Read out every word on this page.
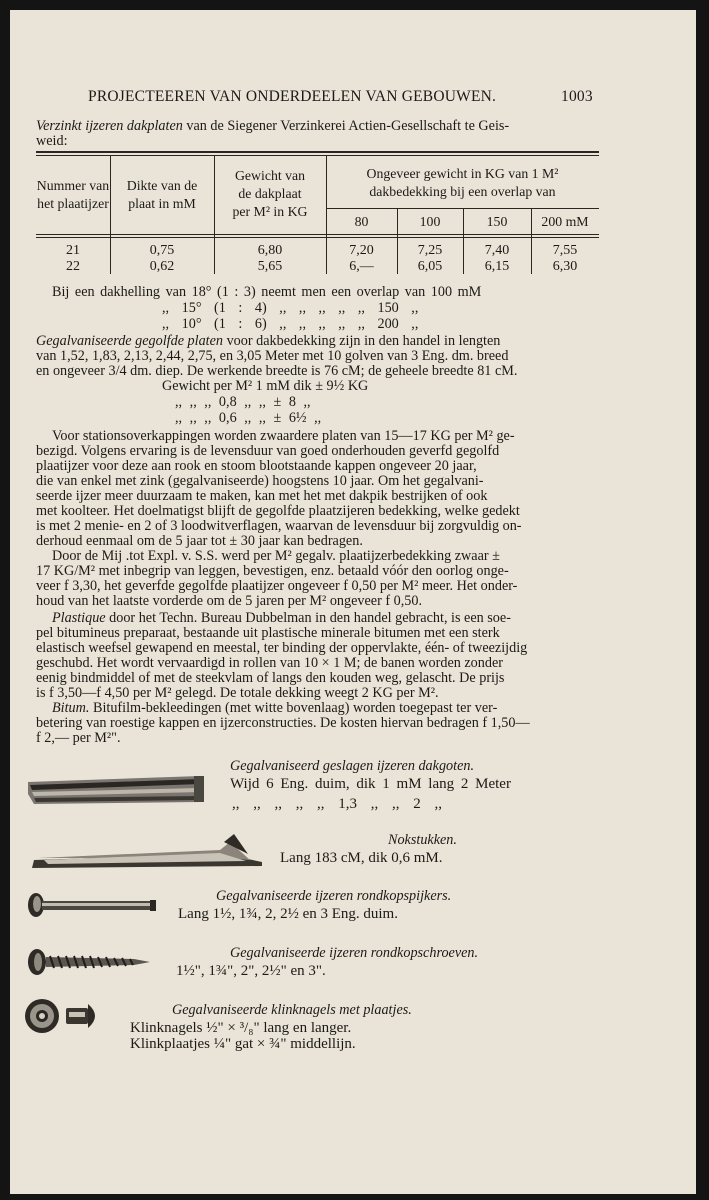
PROJECTEEREN VAN ONDERDEELEN VAN GEBOUWEN.	1003
Verzinkt ijzeren dakplaten van de Siegener Verzinkerei Actien-Gesellschaft te Geis-
weid:
Nummer van
het plaatijzer
Dikte van de
plaat in mM
Gewicht van
de dakplaat
per M² in KG
Ongeveer gewicht in KG van 1 M²
dakbedekking bij een overlap van
80	100	150	200 mM
21	0,75	6,80	7,20	7,25	7,40	7,55
22	0,62	5,65	6,—	6,05	6,15	6,30
Bij een dakhelling van 18° (1 : 3) neemt men een overlap van 100 mM
,, 15° (1 : 4) ,, ,, ,, ,, ,, 150 ,,
,, 10° (1 : 6) ,, ,, ,, ,, ,, 200 ,,
Gegalvaniseerde gegolfde platen voor dakbedekking zijn in den handel in lengten
van 1,52, 1,83, 2,13, 2,44, 2,75, en 3,05 Meter met 10 golven van 3 Eng. dm. breed
en ongeveer 3/4 dm. diep. De werkende breedte is 76 cM; de geheele breedte 81 cM.
Gewicht per M² 1 mM dik ± 9½ KG
,, ,, ,, 0,8 ,, ,, ± 8 ,,
,, ,, ,, 0,6 ,, ,, ± 6½ ,,
Voor stationsoverkappingen worden zwaardere platen van 15—17 KG per M² ge-
bezigd. Volgens ervaring is de levensduur van goed onderhouden geverfd gegolfd
plaatijzer voor deze aan rook en stoom blootstaande kappen ongeveer 20 jaar,
die van enkel met zink (gegalvaniseerde) hoogstens 10 jaar. Om het gegalvani-
seerde ijzer meer duurzaam te maken, kan met het met dakpik bestrijken of ook
met koolteer. Het doelmatigst blijft de gegolfde plaatzijeren bedekking, welke gedekt
is met 2 menie- en 2 of 3 loodwitverflagen, waarvan de levensduur bij zorgvuldig on-
derhoud eenmaal om de 5 jaar tot ± 30 jaar kan bedragen.
Door de Mij .tot Expl. v. S.S. werd per M² gegalv. plaatijzerbedekking zwaar ±
17 KG/M² met inbegrip van leggen, bevestigen, enz. betaald vóór den oorlog onge-
veer f 3,30, het geverfde gegolfde plaatijzer ongeveer f 0,50 per M² meer. Het onder-
houd van het laatste vorderde om de 5 jaren per M² ongeveer f 0,50.
Plastique door het Techn. Bureau Dubbelman in den handel gebracht, is een soe-
pel bitumineus preparaat, bestaande uit plastische minerale bitumen met een sterk
elastisch weefsel gewapend en meestal, ter binding der oppervlakte, één- of tweezijdig
geschubd. Het wordt vervaardigd in rollen van 10 × 1 M; de banen worden zonder
eenig bindmiddel of met de steekvlam of langs den kouden weg, gelascht. De prijs
is f 3,50—f 4,50 per M² gelegd. De totale dekking weegt 2 KG per M².
Bitum. Bitufilm-bekleedingen (met witte bovenlaag) worden toegepast ter ver-
betering van roestige kappen en ijzerconstructies. De kosten hiervan bedragen f 1,50—
f 2,— per M²".
Gegalvaniseerd geslagen ijzeren dakgoten.
Wijd 6 Eng. duim, dik 1 mM lang 2 Meter
,, ,, ,, ,, ,, 1,3 ,, ,, 2 ,,
Nokstukken.
Lang 183 cM, dik 0,6 mM.
Gegalvaniseerde ijzeren rondkopspijkers.
Lang 1½, 1¾, 2, 2½ en 3 Eng. duim.
Gegalvaniseerde ijzeren rondkopschroeven.
1½", 1¾", 2", 2½" en 3".
Gegalvaniseerde klinknagels met plaatjes.
Klinknagels ½" × ³/₈" lang en langer.
Klinkplaatjes ¼" gat × ¾" middellijn.
